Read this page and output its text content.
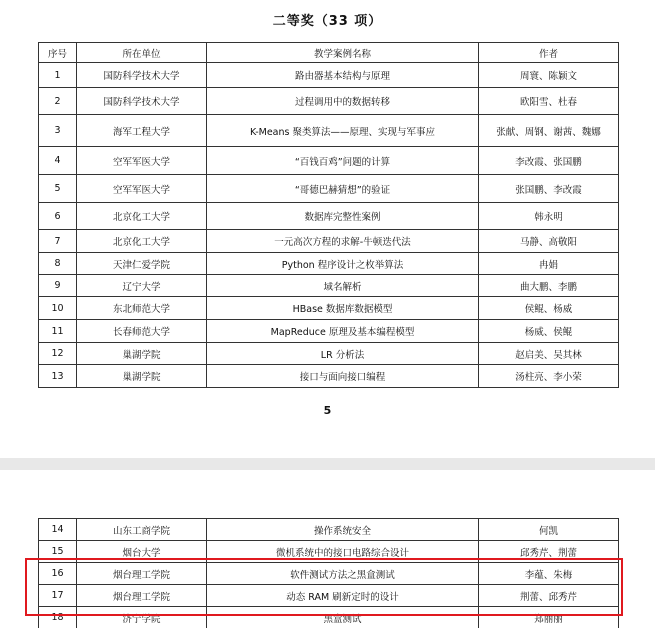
二等奖（33 项）
序号	所在单位	教学案例名称	作者
1	国防科学技术大学	路由器基本结构与原理	周寰、陈颖文
2	国防科学技术大学	过程调用中的数据转移	欧阳雪、杜春
3	海军工程大学	K-Means 聚类算法——原理、实现与军事应	张献、周钢、谢茜、魏娜
4	空军军医大学	“百钱百鸡”问题的计算	李改霞、张国鹏
5	空军军医大学	“哥德巴赫猜想”的验证	张国鹏、李改霞
6	北京化工大学	数据库完整性案例	韩永明
7	北京化工大学	一元高次方程的求解-牛顿迭代法	马静、高敬阳
8	天津仁爱学院	Python 程序设计之枚举算法	冉娟
9	辽宁大学	域名解析	曲大鹏、李鹏
10	东北师范大学	HBase 数据库数据模型	侯鲲、杨威
11	长春师范大学	MapReduce 原理及基本编程模型	杨威、侯鲲
12	巢湖学院	LR 分析法	赵启美、吴其林
13	巢湖学院	接口与面向接口编程	汤柱亮、李小荣
5
14	山东工商学院	操作系统安全	何凯
15	烟台大学	微机系统中的接口电路综合设计	邱秀芹、荆蕾
16	烟台理工学院	软件测试方法之黑盒测试	李蕴、朱梅
17	烟台理工学院	动态 RAM 刷新定时的设计	荆蕾、邱秀芹
18	济宁学院	黑盒测试	郑丽丽
